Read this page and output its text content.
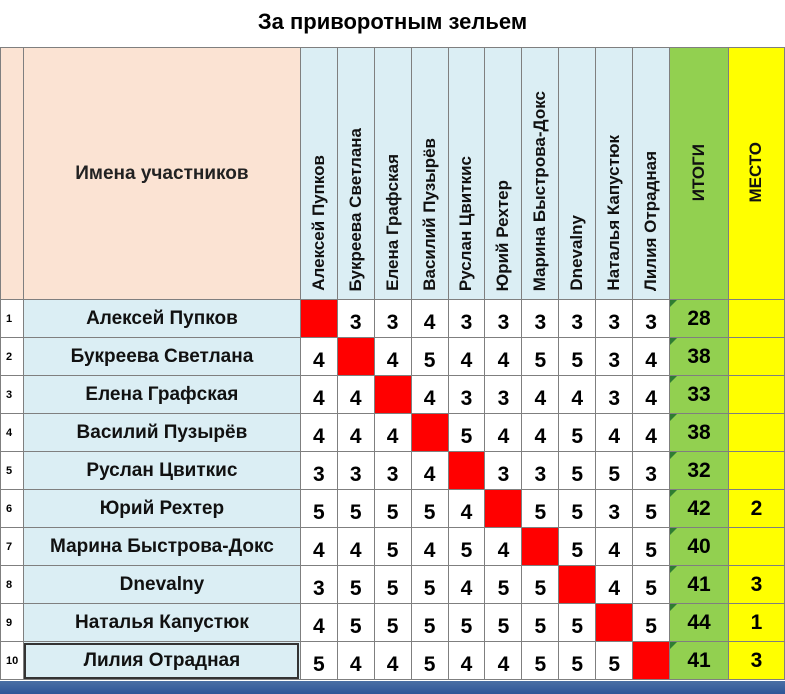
За приворотным зельем
	Имена участников	Алексей Пупков	Букреева Светлана	Елена Графская	Василий Пузырёв	Руслан Цвиткис	Юрий Рехтер	Марина Быстрова-Докс	Dnevalny	Наталья Капустюк	Лилия Отрадная	ИТОГИ	МЕСТО

1	Алексей Пупков		3	3	4	3	3	3	3	3	3	28	
2	Букреева Светлана	4		4	5	4	4	5	5	3	4	38	
3	Елена Графская	4	4		4	3	3	4	4	3	4	33	
4	Василий Пузырёв	4	4	4		5	4	4	5	4	4	38	
5	Руслан Цвиткис	3	3	3	4		3	3	5	5	3	32	
6	Юрий Рехтер	5	5	5	5	4		5	5	3	5	42	2
7	Марина Быстрова-Докс	4	4	5	4	5	4		5	4	5	40	
8	Dnevalny	3	5	5	5	4	5	5		4	5	41	3
9	Наталья Капустюк	4	5	5	5	5	5	5	5		5	44	1
10	Лилия Отрадная	5	4	4	5	4	4	5	5	5		41	3
